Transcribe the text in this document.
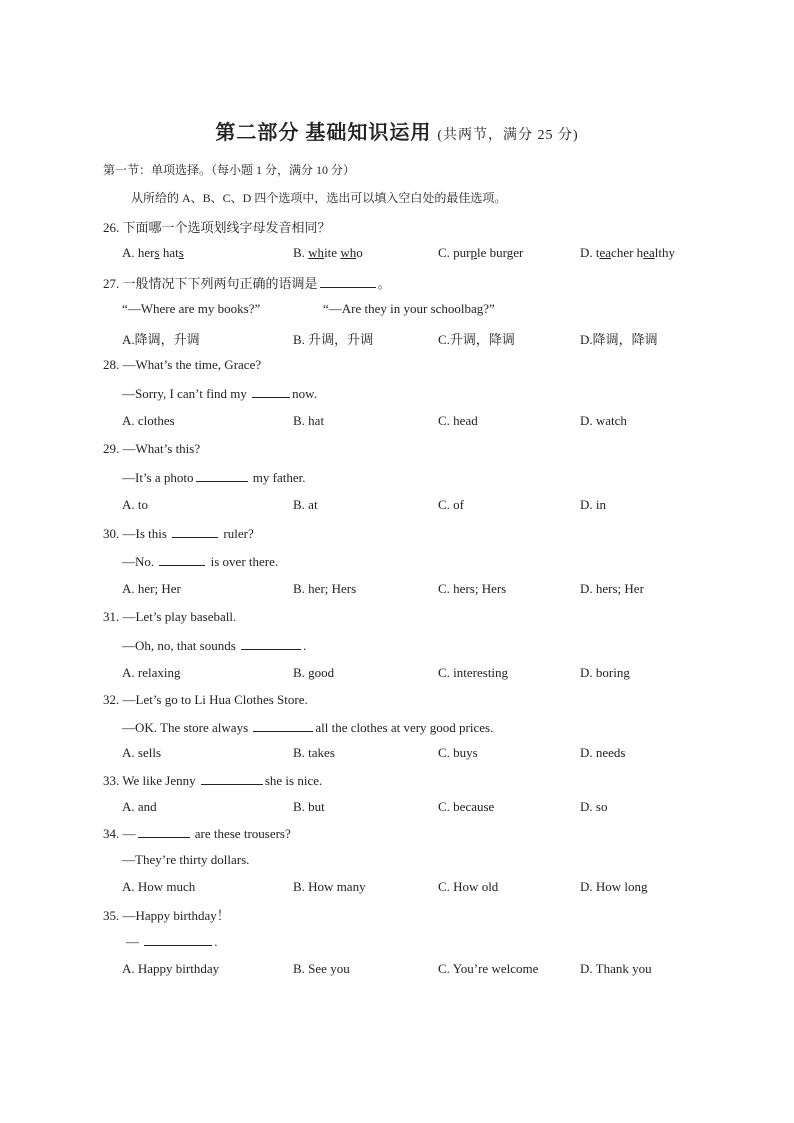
第二部分 基础知识运用 (共两节，满分 25 分)
第一节：单项选择。（每小题 1 分，满分 10 分）
从所给的 A、B、C、D 四个选项中，选出可以填入空白处的最佳选项。
26. 下面哪一个选项划线字母发音相同？
A. hers hats	B. white who	C. purple burger	D. teacher healthy
27. 一般情况下下列两句正确的语调是	。
“—Where are my books?”	“—Are they in your schoolbag?”
A.降调，升调	B. 升调，升调	C.升调，降调	D.降调，降调
28. —What’s the time, Grace?
—Sorry, I can’t find my	now.
A. clothes	B. hat	C. head	D. watch
29. —What’s this?
—It’s a photo	my father.
A. to	B. at	C. of	D. in
30. —Is this	ruler?
—No.	is over there.
A. her; Her	B. her; Hers	C. hers; Hers	D. hers; Her
31. —Let’s play baseball.
—Oh, no, that sounds	.
A. relaxing	B. good	C. interesting	D. boring
32. —Let’s go to Li Hua Clothes Store.
—OK. The store always	all the clothes at very good prices.
A. sells	B. takes	C. buys	D. needs
33. We like Jenny	she is nice.
A. and	B. but	C. because	D. so
34. —	are these trousers?
—They’re thirty dollars.
A. How much	B. How many	C. How old	D. How long
35. —Happy birthday！
—	.
A. Happy birthday	B. See you	C. You’re welcome	D. Thank you
